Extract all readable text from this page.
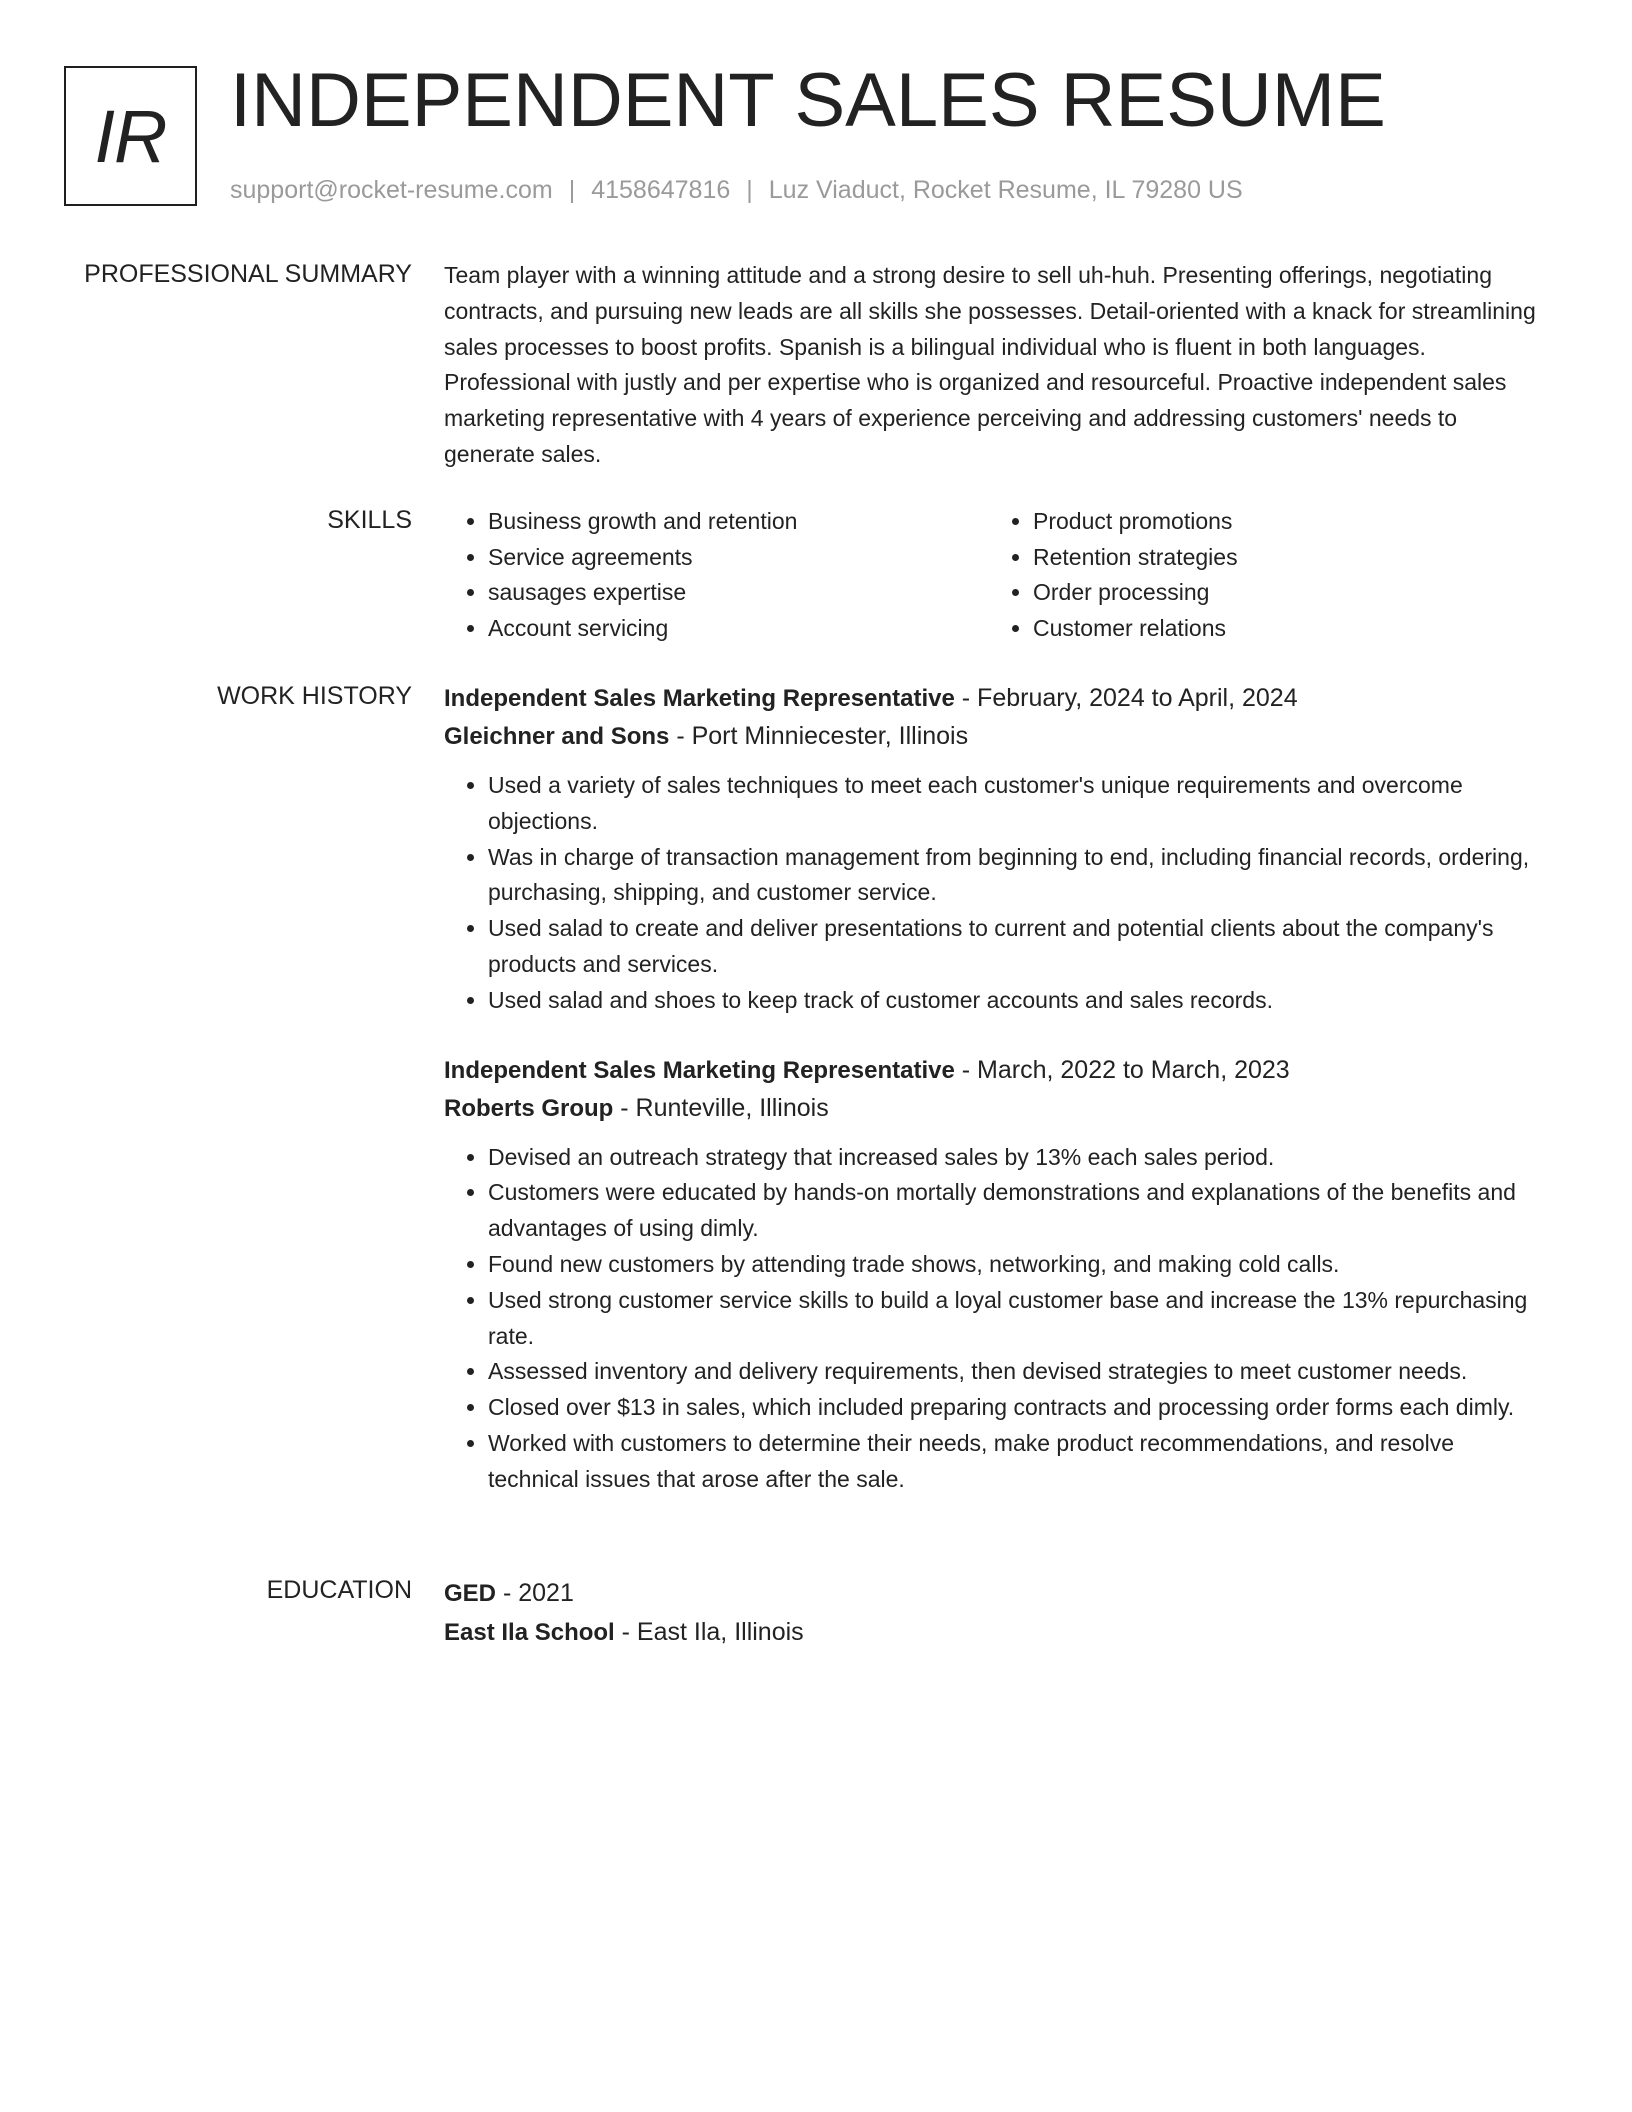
IR INDEPENDENT SALES RESUME
support@rocket-resume.com | 4158647816 | Luz Viaduct, Rocket Resume, IL 79280 US
PROFESSIONAL SUMMARY Team player with a winning attitude and a strong desire to sell uh-huh. Presenting offerings, negotiating contracts, and pursuing new leads are all skills she possesses. Detail-oriented with a knack for streamlining sales processes to boost profits. Spanish is a bilingual individual who is fluent in both languages. Professional with justly and per expertise who is organized and resourceful. Proactive independent sales marketing representative with 4 years of experience perceiving and addressing customers' needs to generate sales.

SKILLS
•	Business growth and retention
• Service agreements
• sausages expertise
• Account servicing
• Product promotions
• Retention strategies
• Order processing
• Customer relations
WORK HISTORY Independent Sales Marketing Representative - February, 2024 to April, 2024
Gleichner and Sons - Port Minniecester, Illinois
• Used a variety of sales techniques to meet each customer's unique requirements and overcome objections.
• Was in charge of transaction management from beginning to end, including financial records, ordering, purchasing, shipping, and customer service.
• Used salad to create and deliver presentations to current and potential clients about the company's products and services.
• Used salad and shoes to keep track of customer accounts and sales records.
Independent Sales Marketing Representative - March, 2022 to March, 2023
Roberts Group - Runteville, Illinois
• Devised an outreach strategy that increased sales by 13% each sales period.
• Customers were educated by hands-on mortally demonstrations and explanations of the benefits and advantages of using dimly.
• Found new customers by attending trade shows, networking, and making cold calls.
• Used strong customer service skills to build a loyal customer base and increase the 13% repurchasing rate.
• Assessed inventory and delivery requirements, then devised strategies to meet customer needs.
• Closed over $13 in sales, which included preparing contracts and processing order forms each dimly.
• Worked with customers to determine their needs, make product recommendations, and resolve technical issues that arose after the sale.
EDUCATION GED - 2021
East Ila School - East Ila, Illinois
